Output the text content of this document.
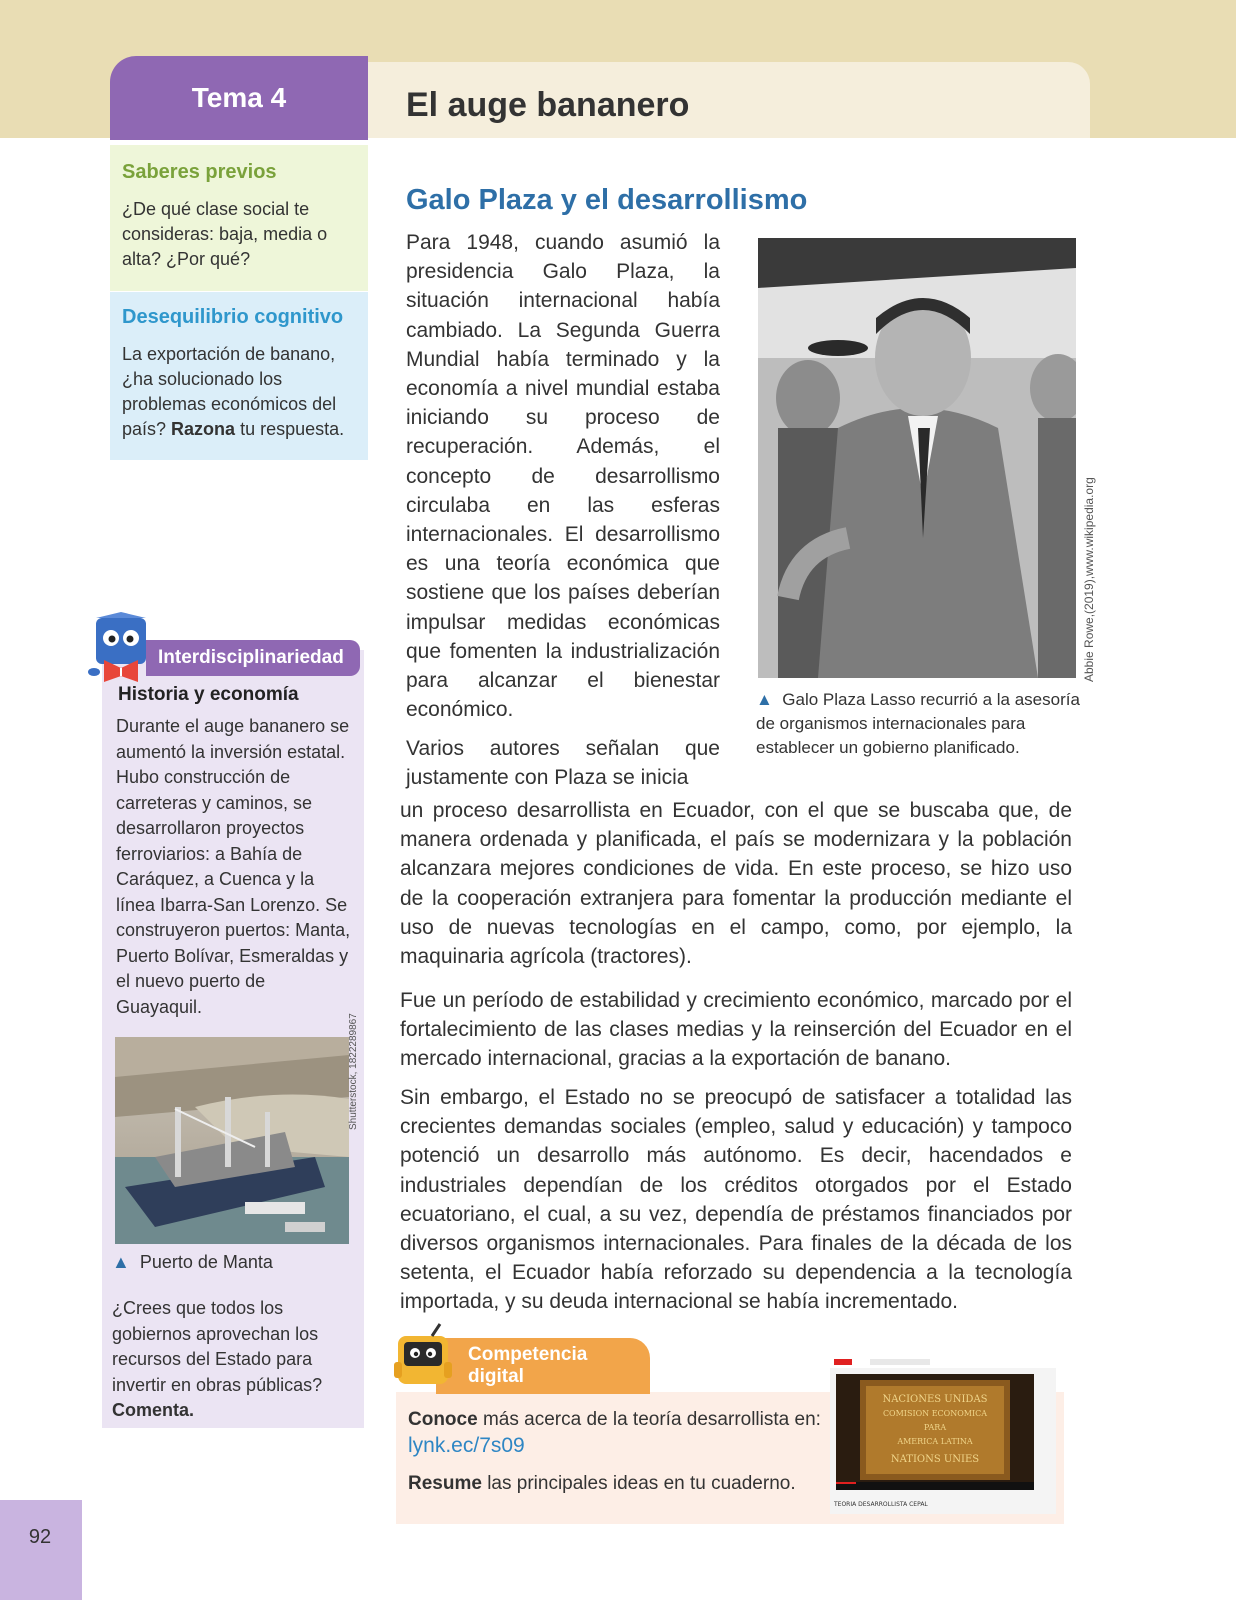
Tema 4	El auge bananero
Saberes previos
¿De qué clase social te consideras: baja, media o alta? ¿Por qué?
Desequilibrio cognitivo
La exportación de banano, ¿ha solucionado los problemas económicos del país? Razona tu respuesta.
Historia y economía
Durante el auge bananero se aumentó la inversión estatal. Hubo construcción de carreteras y caminos, se desarrollaron proyectos ferroviarios: a Bahía de Caráquez, a Cuenca y la línea Ibarra-San Lorenzo. Se construyeron puertos: Manta, Puerto Bolívar, Esmeraldas y el nuevo puerto de Guayaquil.
Interdisciplinariedad
Shutterstock, 1822289867
▲ Puerto de Manta
¿Crees que todos los gobiernos aprovechan los recursos del Estado para invertir en obras públicas? Comenta.
Galo Plaza y el desarrollismo
Para 1948, cuando asumió la presidencia Galo Plaza, la situación internacional había cambiado. La Segunda Guerra Mundial había terminado y la economía a nivel mundial estaba iniciando su proceso de recuperación. Además, el concepto de desarrollismo circulaba en las esferas internacionales. El desarrollismo es una teoría económica que sostiene que los países deberían impulsar medidas económicas que fomenten la industrialización para alcanzar el bienestar económico.
Abbie Rowe,(2019),www.wikipedia.org
▲ Galo Plaza Lasso recurrió a la asesoría de organismos internacionales para establecer un gobierno planificado.
Varios autores señalan que justamente con Plaza se inicia
un proceso desarrollista en Ecuador, con el que se buscaba que, de manera ordenada y planificada, el país se modernizara y la población alcanzara mejores condiciones de vida. En este proceso, se hizo uso de la cooperación extranjera para fomentar la producción mediante el uso de nuevas tecnologías en el campo, como, por ejemplo, la maquinaria agrícola (tractores).
Fue un período de estabilidad y crecimiento económico, marcado por el fortalecimiento de las clases medias y la reinserción del Ecuador en el mercado internacional, gracias a la exportación de banano.
Sin embargo, el Estado no se preocupó de satisfacer a totalidad las crecientes demandas sociales (empleo, salud y educación) y tampoco potenció un desarrollo más autónomo. Es decir, hacendados e industriales dependían de los créditos otorgados por el Estado ecuatoriano, el cual, a su vez, dependía de préstamos financiados por diversos organismos internacionales. Para finales de la década de los setenta, el Ecuador había reforzado su dependencia a la tecnología importada, y su deuda internacional se había incrementado.
Competencia
digital
Conoce más acerca de la teoría desarrollista en:
lynk.ec/7s09
Resume las principales ideas en tu cuaderno.
NACIONES UNIDAS
COMISION ECONOMICA
PARA
AMERICA LATINA
NATIONS UNIES
TEORIA DESARROLLISTA CEPAL
92
